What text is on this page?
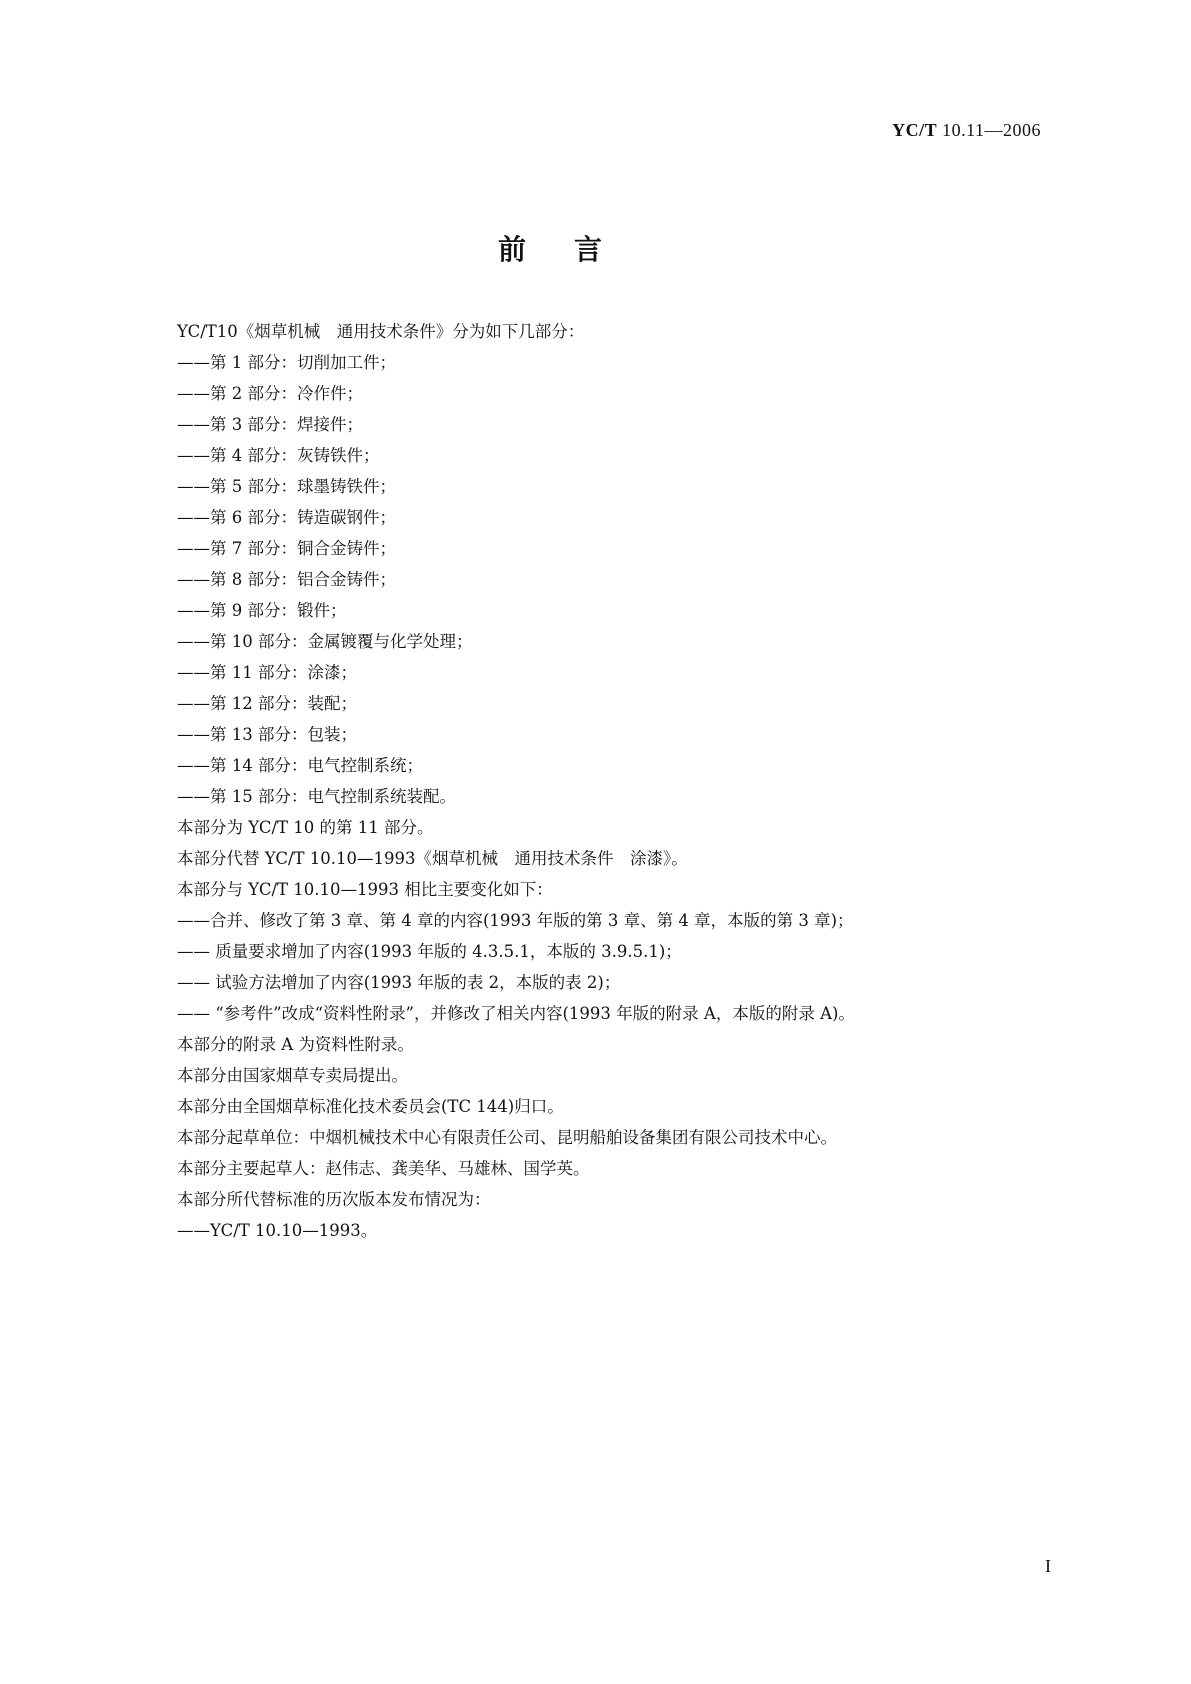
YC/T 10.11—2006
前言
YC/T10《烟草机械　通用技术条件》分为如下几部分：
——第 1 部分：切削加工件；
——第 2 部分：冷作件；
——第 3 部分：焊接件；
——第 4 部分：灰铸铁件；
——第 5 部分：球墨铸铁件；
——第 6 部分：铸造碳钢件；
——第 7 部分：铜合金铸件；
——第 8 部分：铝合金铸件；
——第 9 部分：锻件；
——第 10 部分：金属镀覆与化学处理；
——第 11 部分：涂漆；
——第 12 部分：装配；
——第 13 部分：包装；
——第 14 部分：电气控制系统；
——第 15 部分：电气控制系统装配。
本部分为 YC/T 10 的第 11 部分。
本部分代替 YC/T 10.10—1993《烟草机械　通用技术条件　涂漆》。
本部分与 YC/T 10.10—1993 相比主要变化如下：
——合并、修改了第 3 章、第 4 章的内容(1993 年版的第 3 章、第 4 章，本版的第 3 章)；
—— 质量要求增加了内容(1993 年版的 4.3.5.1，本版的 3.9.5.1)；
—— 试验方法增加了内容(1993 年版的表 2，本版的表 2)；
—— “参考件”改成“资料性附录”，并修改了相关内容(1993 年版的附录 A，本版的附录 A)。
本部分的附录 A 为资料性附录。
本部分由国家烟草专卖局提出。
本部分由全国烟草标准化技术委员会(TC 144)归口。
本部分起草单位：中烟机械技术中心有限责任公司、昆明船舶设备集团有限公司技术中心。
本部分主要起草人：赵伟志、龚美华、马雄林、国学英。
本部分所代替标准的历次版本发布情况为：
——YC/T 10.10—1993。
I
